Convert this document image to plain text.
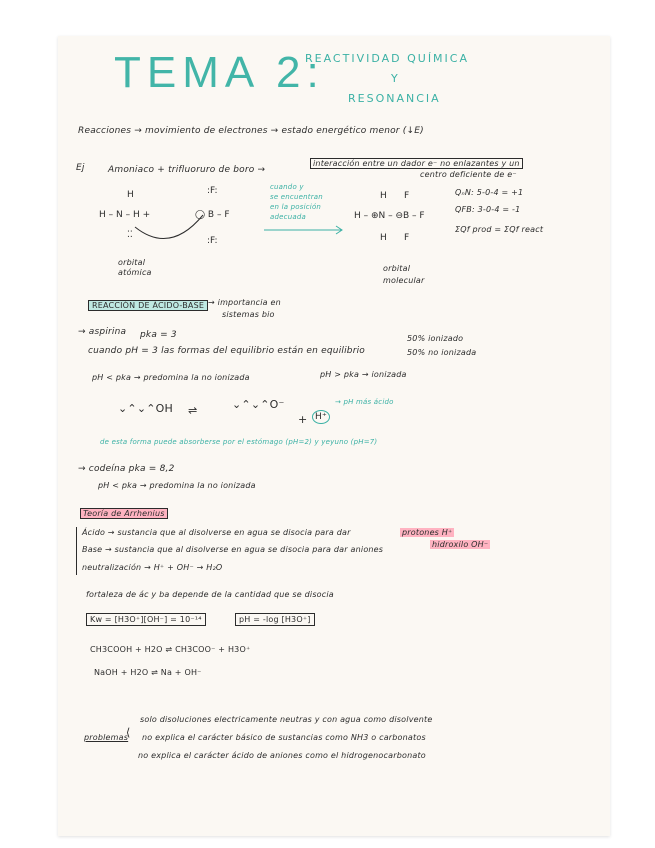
TEMA 2:
REACTIVIDAD QUÍMICA
Y
RESONANCIA
Reacciones → movimiento de electrones → estado energético menor (↓E)
Ej	Amoniaco + trifluoruro de boro →
interacción entre un dador e⁻ no enlazantes y un
centro deficiente de e⁻
H
H – N – H +
⁚⁚
:F:
◯ B – F
:F:
cuando y
se encuentran
en la posición
adecuada
H F
H – ⊕N – ⊖B – F
H F
QₙN: 5-0-4 = +1
QFB: 3-0-4 = -1
ΣQf prod = ΣQf react
orbital
atómica	orbital
molecular
REACCIÓN DE ÁCIDO-BASE → importancia en
sistemas bio
→ aspirina pka = 3
cuando pH = 3 las formas del equilibrio están en equilibrio
50% ionizado
50% no ionizada
pH < pka → predomina la no ionizada	pH > pka → ionizada
⌄⌃⌄⌃OH ⇌	⌄⌃⌄⌃O⁻
+ H⁺
→ pH más ácido
de esta forma puede absorberse por el estómago (pH=2) y yeyuno (pH=7)
→ codeína pka = 8,2
pH < pka → predomina la no ionizada
Teoría de Arrhenius
Ácido → sustancia que al disolverse en agua se disocia para dar	protones H⁺
Base → sustancia que al disolverse en agua se disocia para dar aniones
hidroxilo OH⁻
neutralización → H⁺ + OH⁻ → H₂O
fortaleza de ác y ba depende de la cantidad que se disocia
Kw = [H3O⁺][OH⁻] = 10⁻¹⁴	pH = -log [H3O⁺]
CH3COOH + H2O ⇌ CH3COO⁻ + H3O⁺
NaOH + H2O ⇌ Na + OH⁻
problemas
⟨
solo disoluciones electricamente neutras y con agua como disolvente
no explica el carácter básico de sustancias como NH3 o carbonatos
no explica el carácter ácido de aniones como el hidrogenocarbonato
